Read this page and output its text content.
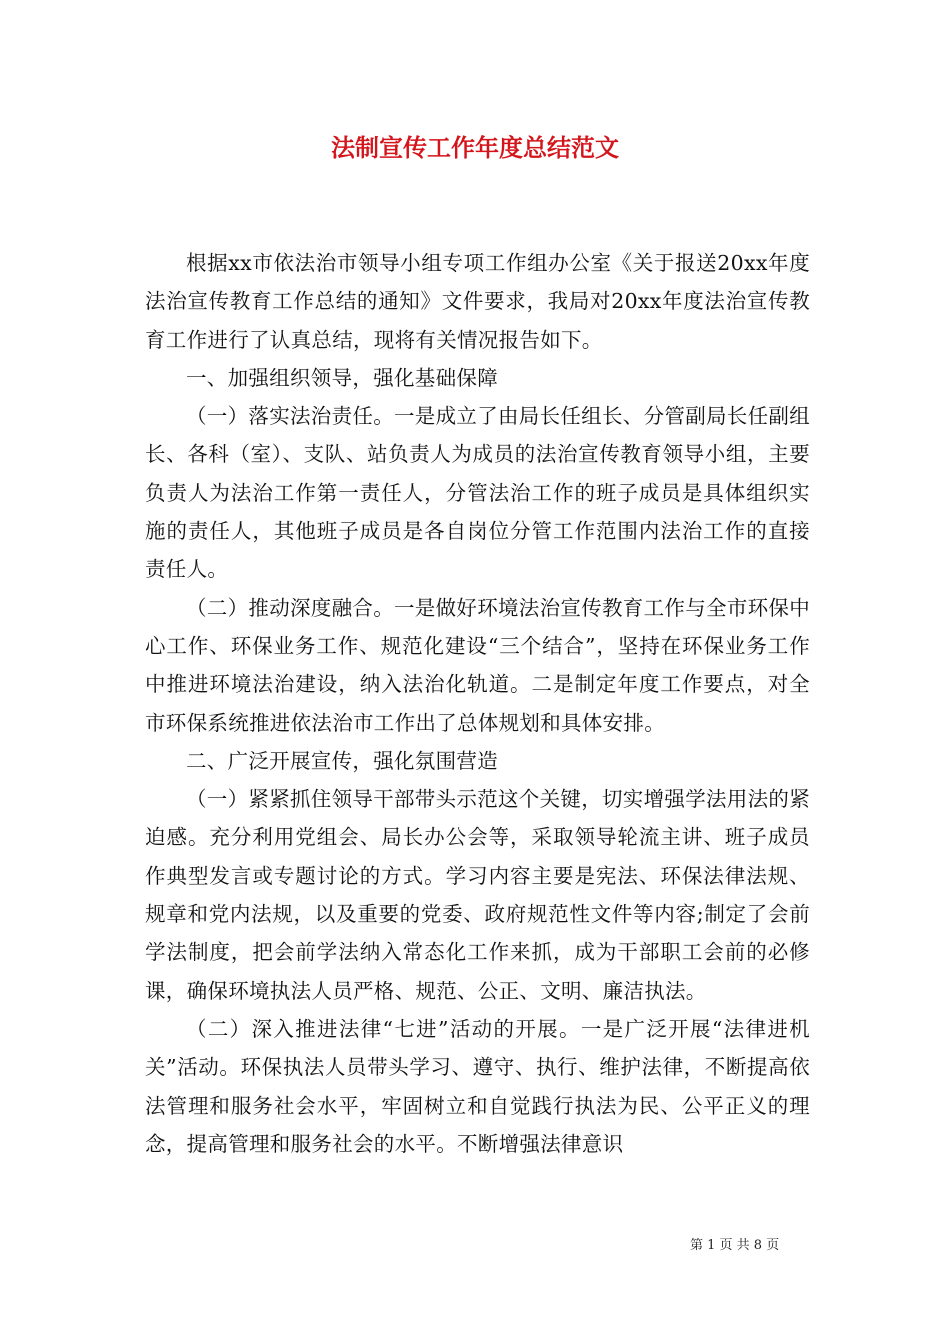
法制宣传工作年度总结范文

根据xx市依法治市领导小组专项工作组办公室《关于报送20xx年度法治宣传教育工作总结的通知》文件要求，我局对20xx年度法治宣传教育工作进行了认真总结，现将有关情况报告如下。

一、加强组织领导，强化基础保障

（一）落实法治责任。一是成立了由局长任组长、分管副局长任副组长、各科（室）、支队、站负责人为成员的法治宣传教育领导小组，主要负责人为法治工作第一责任人，分管法治工作的班子成员是具体组织实施的责任人，其他班子成员是各自岗位分管工作范围内法治工作的直接责任人。

（二）推动深度融合。一是做好环境法治宣传教育工作与全市环保中心工作、环保业务工作、规范化建设“三个结合”，坚持在环保业务工作中推进环境法治建设，纳入法治化轨道。二是制定年度工作要点，对全市环保系统推进依法治市工作出了总体规划和具体安排。

二、广泛开展宣传，强化氛围营造

（一）紧紧抓住领导干部带头示范这个关键，切实增强学法用法的紧迫感。充分利用党组会、局长办公会等，采取领导轮流主讲、班子成员作典型发言或专题讨论的方式。学习内容主要是宪法、环保法律法规、规章和党内法规，以及重要的党委、政府规范性文件等内容;制定了会前学法制度，把会前学法纳入常态化工作来抓，成为干部职工会前的必修课，确保环境执法人员严格、规范、公正、文明、廉洁执法。

（二）深入推进法律“七进”活动的开展。一是广泛开展“法律进机关”活动。环保执法人员带头学习、遵守、执行、维护法律，不断提高依法管理和服务社会水平，牢固树立和自觉践行执法为民、公平正义的理念，提高管理和服务社会的水平。不断增强法律意识

第 1 页 共 8 页
